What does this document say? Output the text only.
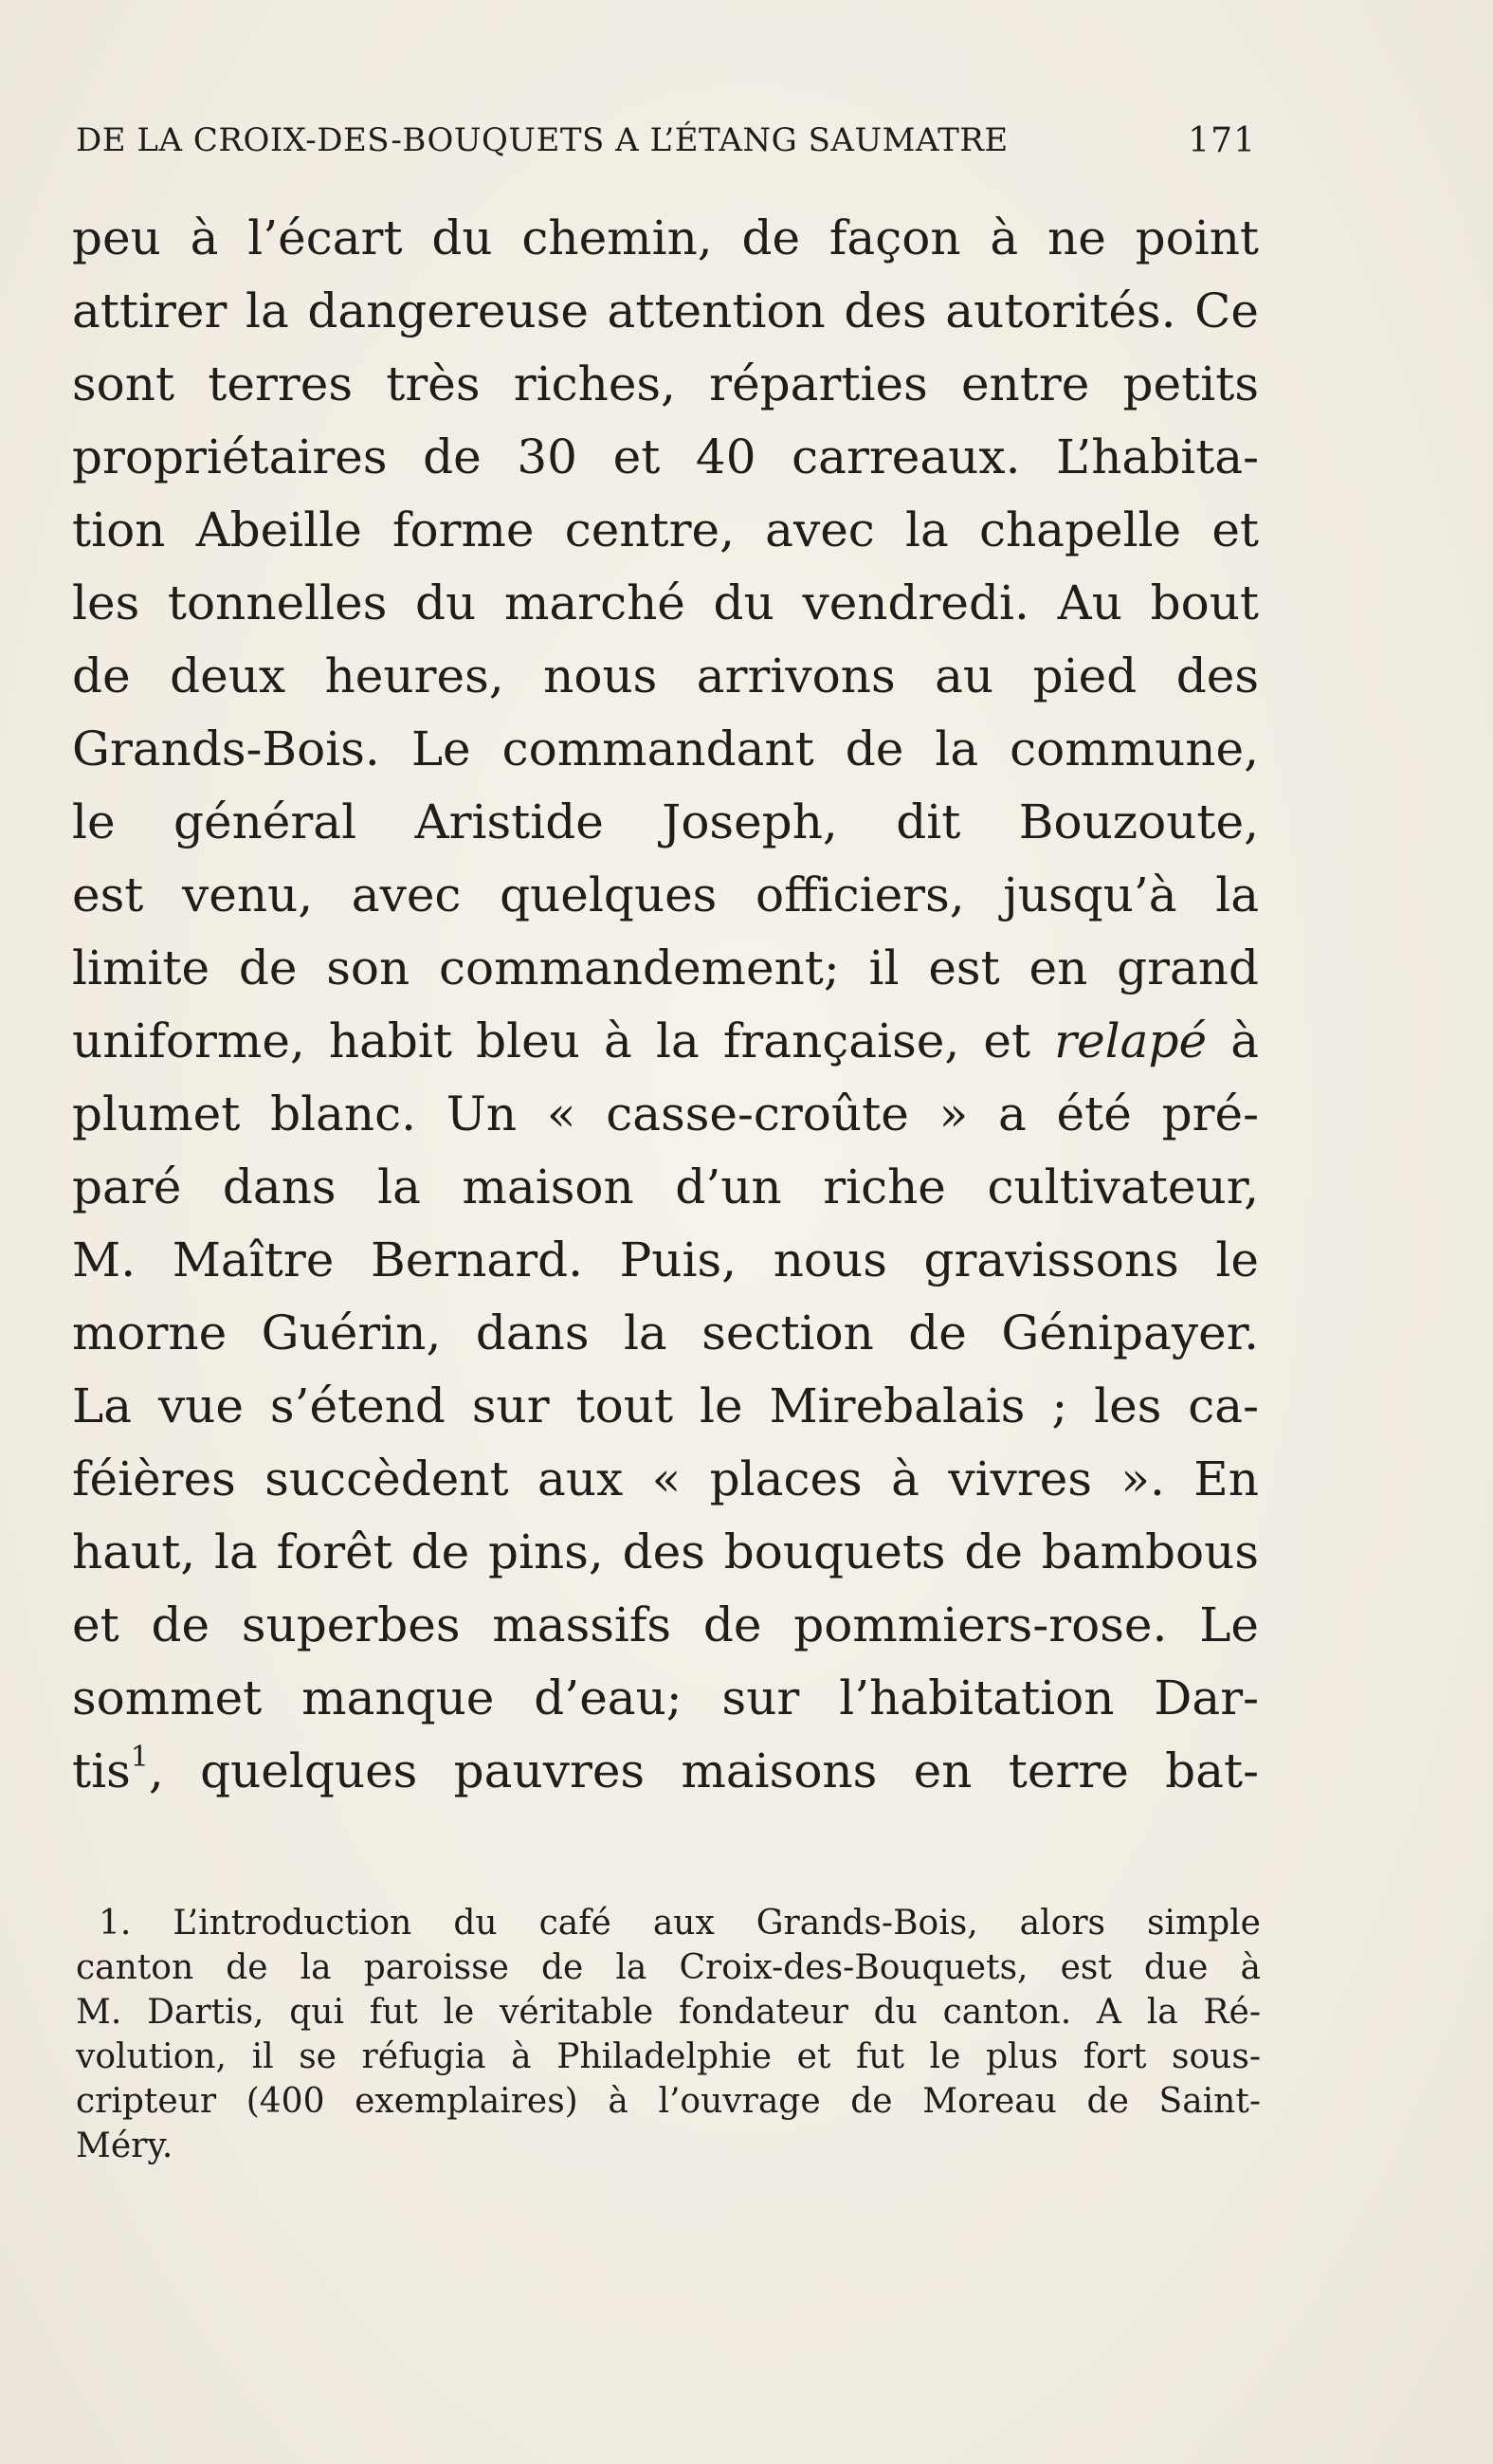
DE LA CROIX-DES-BOUQUETS A L’ÉTANG SAUMATRE	171
peu à l’écart du chemin, de façon à ne point
attirer la dangereuse attention des autorités. Ce
sont terres très riches, réparties entre petits
propriétaires de 30 et 40 carreaux. L’habita-
tion Abeille forme centre, avec la chapelle et
les tonnelles du marché du vendredi. Au bout
de deux heures, nous arrivons au pied des
Grands-Bois. Le commandant de la commune,
le général Aristide Joseph, dit Bouzoute,
est venu, avec quelques officiers, jusqu’à la
limite de son commandement; il est en grand
uniforme, habit bleu à la française, et relapé à
plumet blanc. Un « casse-croûte » a été pré-
paré dans la maison d’un riche cultivateur,
M. Maître Bernard. Puis, nous gravissons le
morne Guérin, dans la section de Génipayer.
La vue s’étend sur tout le Mirebalais ; les ca-
féières succèdent aux « places à vivres ». En
haut, la forêt de pins, des bouquets de bambous
et de superbes massifs de pommiers-rose. Le
sommet manque d’eau; sur l’habitation Dar-
tis$^1$, quelques pauvres maisons en terre bat-
1. L’introduction du café aux Grands-Bois, alors simple
canton de la paroisse de la Croix-des-Bouquets, est due à
M. Dartis, qui fut le véritable fondateur du canton. A la Ré-
volution, il se réfugia à Philadelphie et fut le plus fort sous-
cripteur (400 exemplaires) à l’ouvrage de Moreau de Saint-
Méry.
